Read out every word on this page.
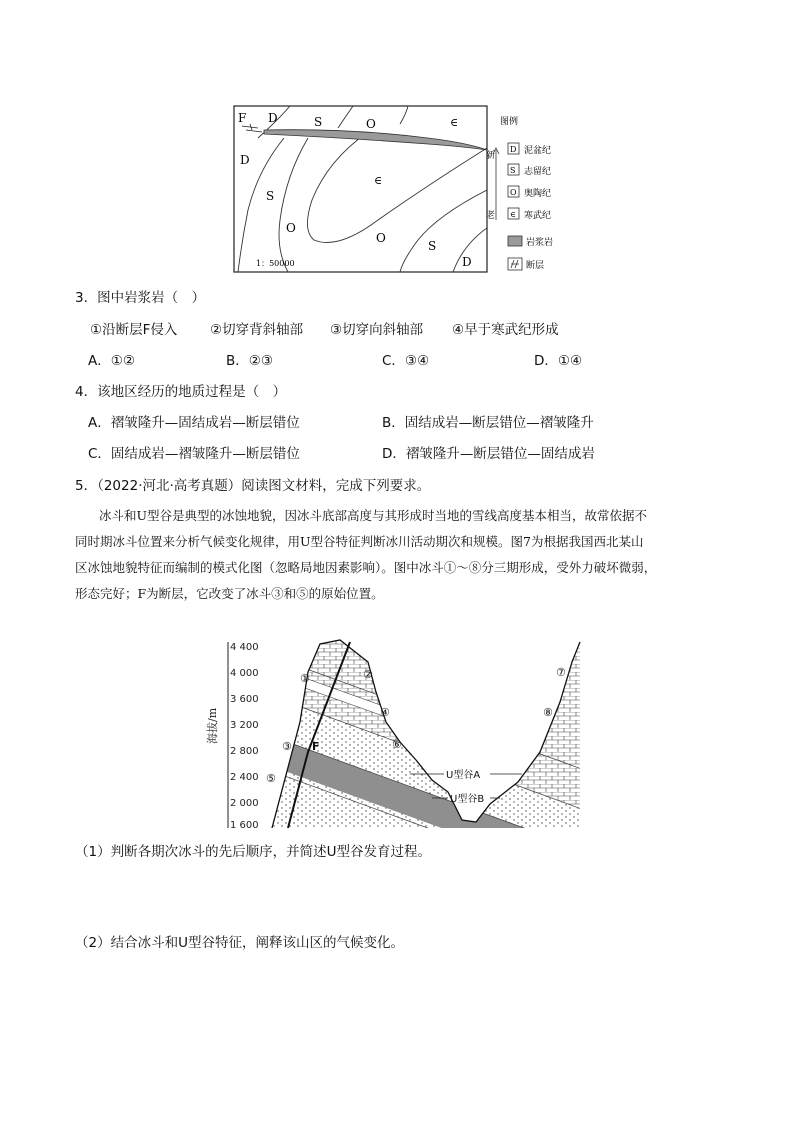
F D	S	O	∈
D
S
O
∈
O
S
D
1：50000
图例
新
老
D 泥盆纪
S 志留纪
O 奥陶纪
∈ 寒武纪
岩浆岩
断层
3．图中岩浆岩（　）
①沿断层F侵入 ②切穿背斜轴部 ③切穿向斜轴部 ④早于寒武纪形成
A．①②	B．②③	C．③④	D．①④
4．该地区经历的地质过程是（　）
A．褶皱隆升—固结成岩—断层错位	B．固结成岩—断层错位—褶皱隆升
C．固结成岩—褶皱隆升—断层错位	D．褶皱隆升—断层错位—固结成岩
5．（2022·河北·高考真题）阅读图文材料，完成下列要求。
冰斗和U型谷是典型的冰蚀地貌，因冰斗底部高度与其形成时当地的雪线高度基本相当，故常依据不
同时期冰斗位置来分析气候变化规律，用U型谷特征判断冰川活动期次和规模。图7为根据我国西北某山
区冰蚀地貌特征而编制的模式化图（忽略局地因素影响）。图中冰斗①～⑧分三期形成，受外力破坏微弱，
形态完好；F为断层，它改变了冰斗③和⑤的原始位置。
4 400
4 000
3 600
3 200
2 800
2 400
2 000
1 600
海拔/m
F
①	②
③
④
⑤
⑥
⑦
⑧
U型谷A
U型谷B
（1）判断各期次冰斗的先后顺序，并简述U型谷发育过程。
（2）结合冰斗和U型谷特征，阐释该山区的气候变化。
